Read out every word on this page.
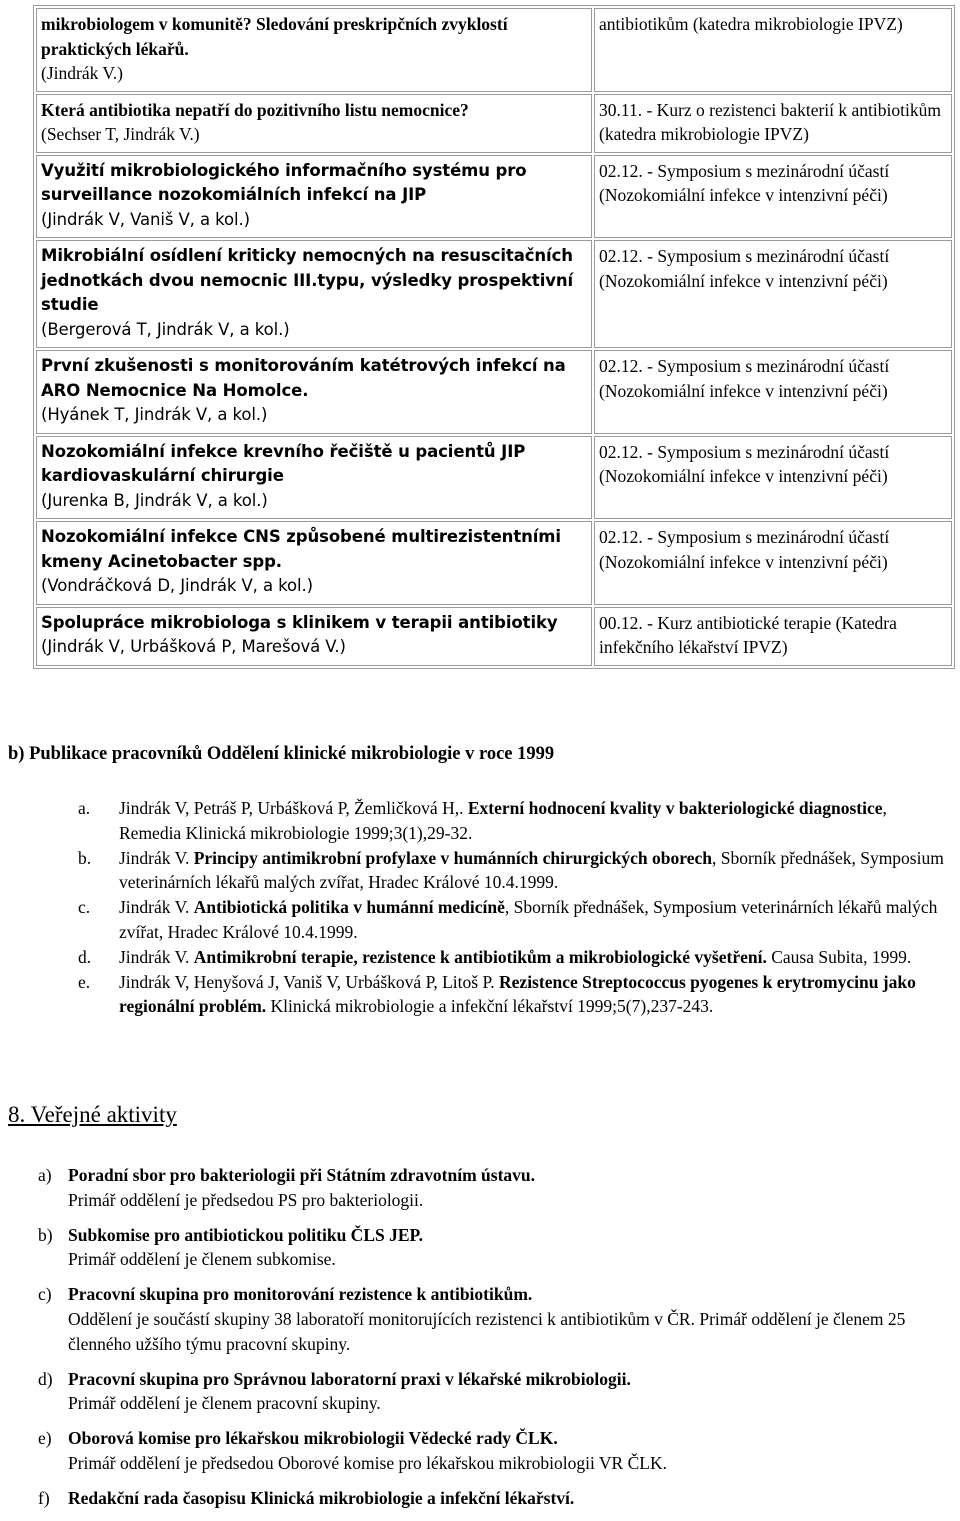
mikrobiologem v komunitě? Sledování preskripčních zvyklostí praktických lékařů.
(Jindrák V.)	antibiotikům (katedra mikrobiologie IPVZ)

Která antibiotika nepatří do pozitivního listu nemocnice?
(Sechser T, Jindrák V.)	30.11. - Kurz o rezistenci bakterií k antibiotikům (katedra mikrobiologie IPVZ)

Využití mikrobiologického informačního systému pro surveillance nozokomiálních infekcí na JIP
(Jindrák V, Vaniš V, a kol.)	02.12. - Symposium s mezinárodní účastí (Nozokomiální infekce v intenzivní péči)

Mikrobiální osídlení kriticky nemocných na resuscitačních jednotkách dvou nemocnic III.typu, výsledky prospektivní studie
(Bergerová T, Jindrák V, a kol.)	02.12. - Symposium s mezinárodní účastí (Nozokomiální infekce v intenzivní péči)

První zkušenosti s monitorováním katétrových infekcí na ARO Nemocnice Na Homolce.
(Hyánek T, Jindrák V, a kol.)	02.12. - Symposium s mezinárodní účastí (Nozokomiální infekce v intenzivní péči)

Nozokomiální infekce krevního řečiště u pacientů JIP kardiovaskulární chirurgie
(Jurenka B, Jindrák V, a kol.)	02.12. - Symposium s mezinárodní účastí (Nozokomiální infekce v intenzivní péči)

Nozokomiální infekce CNS způsobené multirezistentními kmeny Acinetobacter spp.
(Vondráčková D, Jindrák V, a kol.)	02.12. - Symposium s mezinárodní účastí (Nozokomiální infekce v intenzivní péči)

Spolupráce mikrobiologa s klinikem v terapii antibiotiky
(Jindrák V, Urbášková P, Marešová V.)	00.12. - Kurz antibiotické terapie (Katedra infekčního lékařství IPVZ)
b) Publikace pracovníků Oddělení klinické mikrobiologie v roce 1999
a. Jindrák V, Petráš P, Urbášková P, Žemličková H,. Externí hodnocení kvality v bakteriologické diagnostice, Remedia Klinická mikrobiologie 1999;3(1),29-32.
b. Jindrák V. Principy antimikrobní profylaxe v humánních chirurgických oborech, Sborník přednášek, Symposium veterinárních lékařů malých zvířat, Hradec Králové 10.4.1999.
c. Jindrák V. Antibiotická politika v humánní medicíně, Sborník přednášek, Symposium veterinárních lékařů malých zvířat, Hradec Králové 10.4.1999.
d. Jindrák V. Antimikrobní terapie, rezistence k antibiotikům a mikrobiologické vyšetření. Causa Subita, 1999.
e. Jindrák V, Henyšová J, Vaniš V, Urbášková P, Litoš P. Rezistence Streptococcus pyogenes k erytromycinu jako regionální problém. Klinická mikrobiologie a infekční lékařství 1999;5(7),237-243.
8. Veřejné aktivity
a) Poradní sbor pro bakteriologii při Státním zdravotním ústavu.
Primář oddělení je předsedou PS pro bakteriologii.
b) Subkomise pro antibiotickou politiku ČLS JEP.
Primář oddělení je členem subkomise.
c) Pracovní skupina pro monitorování rezistence k antibiotikům.
Oddělení je součástí skupiny 38 laboratoří monitorujících rezistenci k antibiotikům v ČR. Primář oddělení je členem 25 členného užšího týmu pracovní skupiny.
d) Pracovní skupina pro Správnou laboratorní praxi v lékařské mikrobiologii.
Primář oddělení je členem pracovní skupiny.
e) Oborová komise pro lékařskou mikrobiologii Vědecké rady ČLK.
Primář oddělení je předsedou Oborové komise pro lékařskou mikrobiologii VR ČLK.
f) Redakční rada časopisu Klinická mikrobiologie a infekční lékařství.
